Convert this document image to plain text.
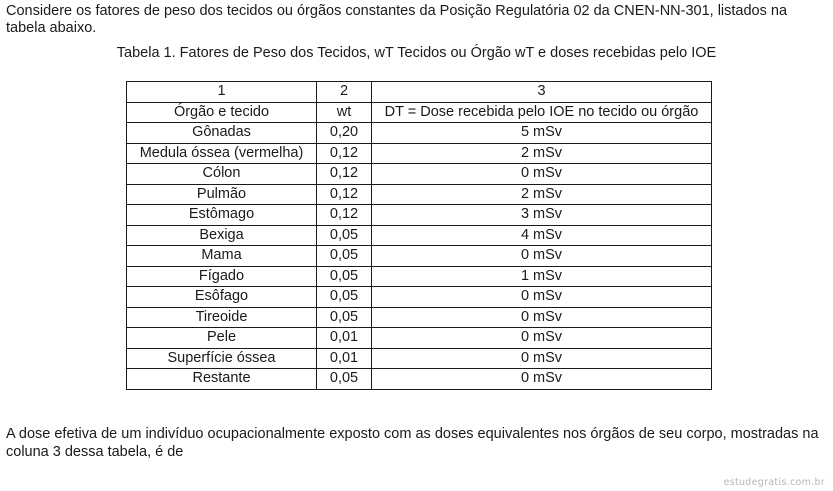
Considere os fatores de peso dos tecidos ou órgãos constantes da Posição Regulatória 02 da CNEN-NN-301, listados na tabela abaixo.

Tabela 1. Fatores de Peso dos Tecidos, wT Tecidos ou Órgão wT e doses recebidas pelo IOE

1	2	3
Órgão e tecido	wt	DT = Dose recebida pelo IOE no tecido ou órgão
Gônadas	0,20	5 mSv
Medula óssea (vermelha)	0,12	2 mSv
Cólon	0,12	0 mSv
Pulmão	0,12	2 mSv
Estômago	0,12	3 mSv
Bexiga	0,05	4 mSv
Mama	0,05	0 mSv
Fígado	0,05	1 mSv
Esôfago	0,05	0 mSv
Tireoide	0,05	0 mSv
Pele	0,01	0 mSv
Superfície óssea	0,01	0 mSv
Restante	0,05	0 mSv

A dose efetiva de um indivíduo ocupacionalmente exposto com as doses equivalentes nos órgãos de seu corpo, mostradas na coluna 3 dessa tabela, é de

estudegratis.com.br
